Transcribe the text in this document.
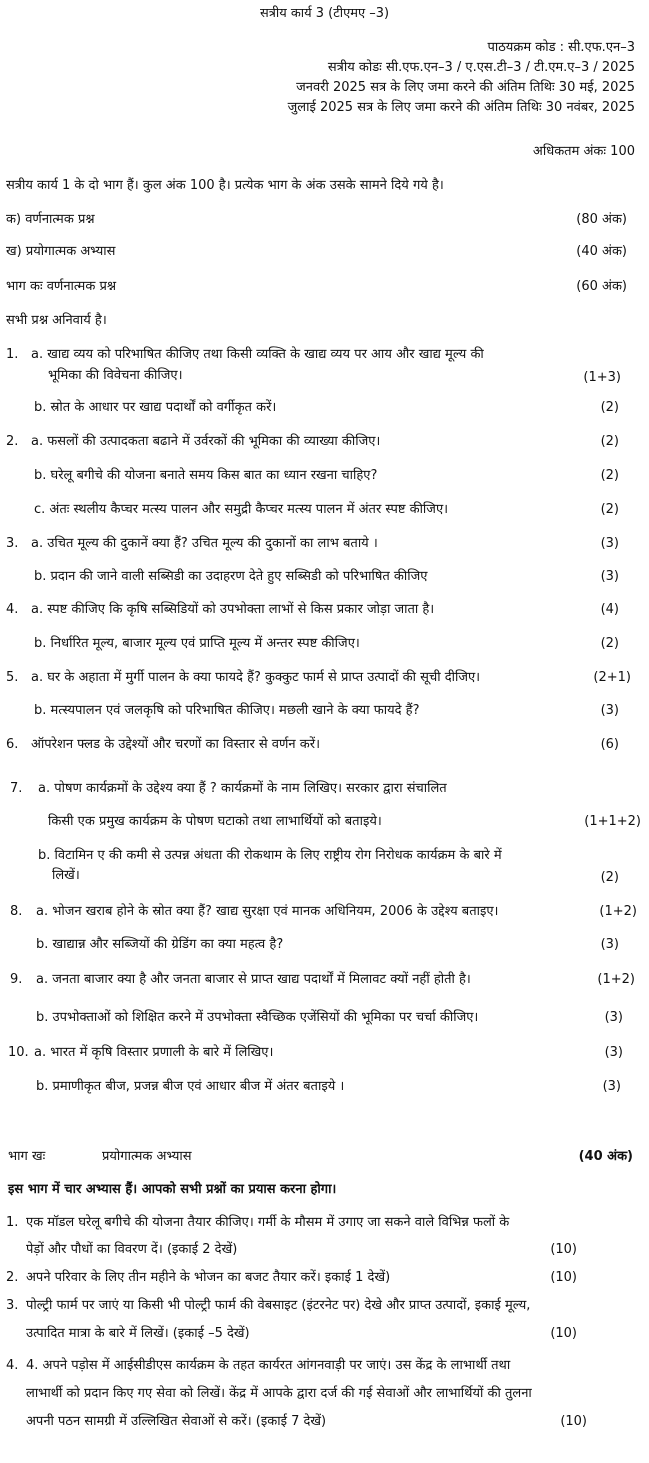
सत्रीय कार्य 3 (टीएमए –3)
पाठयक्रम कोड : सी.एफ.एन–3
सत्रीय कोडः सी.एफ.एन–3 / ए.एस.टी–3 / टी.एम.ए–3 / 2025
जनवरी 2025 सत्र के लिए जमा करने की अंतिम तिथिः 30 मई, 2025
जुलाई 2025 सत्र के लिए जमा करने की अंतिम तिथिः 30 नवंबर, 2025
अधिकतम अंकः 100
सत्रीय कार्य 1 के दो भाग हैं। कुल अंक 100 है। प्रत्येक भाग के अंक उसके सामने दिये गये है।
क) वर्णनात्मक प्रश्न	(80 अंक)
ख) प्रयोगात्मक अभ्यास	(40 अंक)
भाग कः वर्णनात्मक प्रश्न	(60 अंक)
सभी प्रश्न अनिवार्य है।
1. a. खाद्य व्यय को परिभाषित कीजिए तथा किसी व्यक्ति के खाद्य व्यय पर आय और खाद्य मूल्य की
भूमिका की विवेचना कीजिए।	(1+3)
b. स्रोत के आधार पर खाद्य पदार्थों को वर्गीकृत करें।	(2)
2. a. फसलों की उत्पादकता बढाने में उर्वरकों की भूमिका की व्याख्या कीजिए।	(2)
b. घरेलू बगीचे की योजना बनाते समय किस बात का ध्यान रखना चाहिए?	(2)
c. अंतः स्थलीय कैप्चर मत्स्य पालन और समुद्री कैप्चर मत्स्य पालन में अंतर स्पष्ट कीजिए।	(2)
3. a. उचित मूल्य की दुकानें क्या हैं? उचित मूल्य की दुकानों का लाभ बताये ।	(3)
b. प्रदान की जाने वाली सब्सिडी का उदाहरण देते हुए सब्सिडी को परिभाषित कीजिए	(3)
4. a. स्पष्ट कीजिए कि कृषि सब्सिडियों को उपभोक्ता लाभों से किस प्रकार जोड़ा जाता है।	(4)
b. निर्धारित मूल्य, बाजार मूल्य एवं प्राप्ति मूल्य में अन्तर स्पष्ट कीजिए।	(2)
5. a. घर के अहाता में मुर्गी पालन के क्या फायदे हैं? कुक्कुट फार्म से प्राप्त उत्पादों की सूची दीजिए।	(2+1)
b. मत्स्यपालन एवं जलकृषि को परिभाषित कीजिए। मछली खाने के क्या फायदे हैं?	(3)
6. ऑपरेशन फ्लड के उद्देश्यों और चरणों का विस्तार से वर्णन करें।	(6)
7. a. पोषण कार्यक्रमों के उद्देश्य क्या हैं ? कार्यक्रमों के नाम लिखिए। सरकार द्वारा संचालित
किसी एक प्रमुख कार्यक्रम के पोषण घटाको तथा लाभार्थियों को बताइये।	(1+1+2)
b. विटामिन ए की कमी से उत्पन्न अंधता की रोकथाम के लिए राष्ट्रीय रोग निरोधक कार्यक्रम के बारे में
लिखें।	(2)
8. a. भोजन खराब होने के स्रोत क्या हैं? खाद्य सुरक्षा एवं मानक अधिनियम, 2006 के उद्देश्य बताइए।	(1+2)
b. खाद्यान्न और सब्जियों की ग्रेडिंग का क्या महत्व है?	(3)
9. a. जनता बाजार क्या है और जनता बाजार से प्राप्त खाद्य पदार्थों में मिलावट क्यों नहीं होती है।	(1+2)
b. उपभोक्ताओं को शिक्षित करने में उपभोक्ता स्वैच्छिक एजेंसियों की भूमिका पर चर्चा कीजिए।	(3)
10. a. भारत में कृषि विस्तार प्रणाली के बारे में लिखिए।	(3)
b. प्रमाणीकृत बीज, प्रजन्न बीज एवं आधार बीज में अंतर बताइये ।	(3)
भाग खः	प्रयोगात्मक अभ्यास	(40 अंक)
इस भाग में चार अभ्यास हैं। आपको सभी प्रश्नों का प्रयास करना होगा।
1. एक मॉडल घरेलू बगीचे की योजना तैयार कीजिए। गर्मी के मौसम में उगाए जा सकने वाले विभिन्न फलों के
पेड़ों और पौधों का विवरण दें। (इकाई 2 देखें)	(10)
2. अपने परिवार के लिए तीन महीने के भोजन का बजट तैयार करें। इकाई 1 देखें)	(10)
3. पोल्ट्री फार्म पर जाएं या किसी भी पोल्ट्री फार्म की वेबसाइट (इंटरनेट पर) देखे और प्राप्त उत्पादों, इकाई मूल्य,
उत्पादित मात्रा के बारे में लिखें। (इकाई –5 देखें)	(10)
4. 4. अपने पड़ोस में आईसीडीएस कार्यक्रम के तहत कार्यरत आंगनवाड़ी पर जाएं। उस केंद्र के लाभार्थी तथा
लाभार्थी को प्रदान किए गए सेवा को लिखें। केंद्र में आपके द्वारा दर्ज की गई सेवाओं और लाभार्थियों की तुलना
अपनी पठन सामग्री में उल्लिखित सेवाओं से करें। (इकाई 7 देखें)	(10)
